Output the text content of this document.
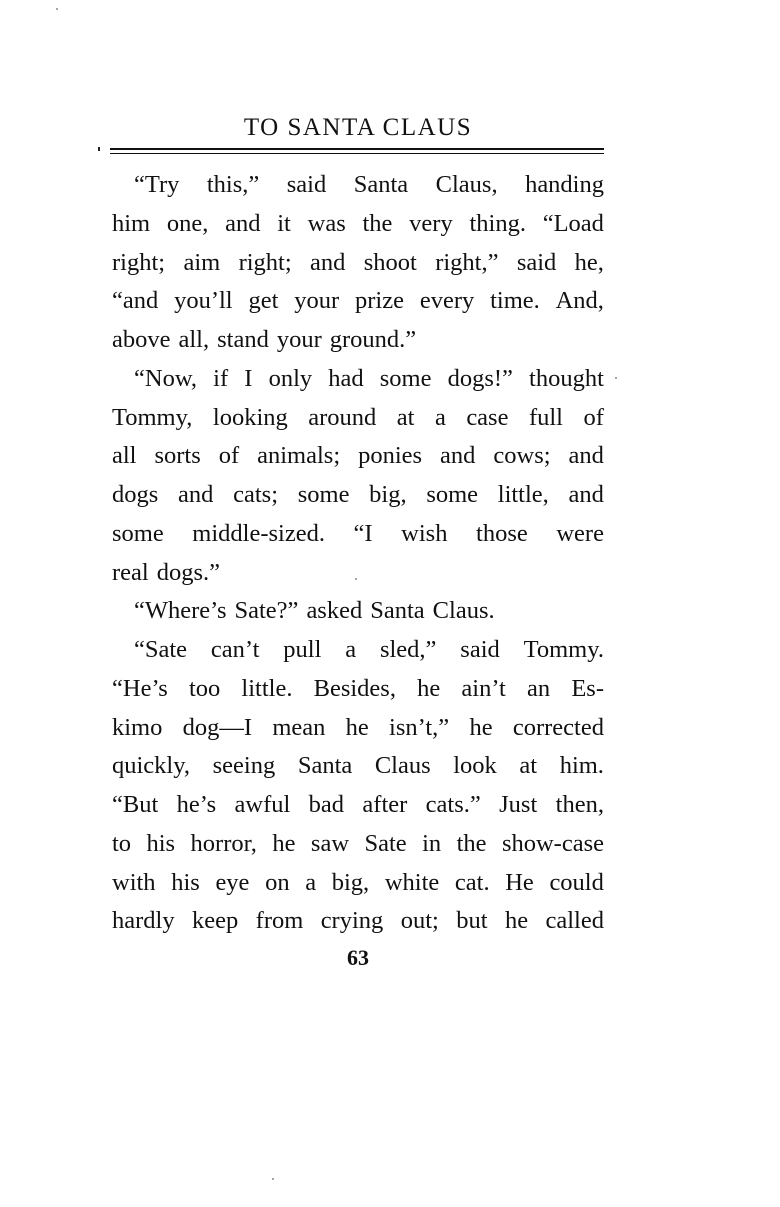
TO SANTA CLAUS
“Try this,” said Santa Claus, handing
him one, and it was the very thing. “Load
right; aim right; and shoot right,” said he,
“and you’ll get your prize every time. And,
above all, stand your ground.”
“Now, if I only had some dogs!” thought
Tommy, looking around at a case full of
all sorts of animals; ponies and cows; and
dogs and cats; some big, some little, and
some middle-sized. “I wish those were
real dogs.”
“Where’s Sate?” asked Santa Claus.
“Sate can’t pull a sled,” said Tommy.
“He’s too little. Besides, he ain’t an Es-
kimo dog—I mean he isn’t,” he corrected
quickly, seeing Santa Claus look at him.
“But he’s awful bad after cats.” Just then,
to his horror, he saw Sate in the show-case
with his eye on a big, white cat. He could
hardly keep from crying out; but he called
63
